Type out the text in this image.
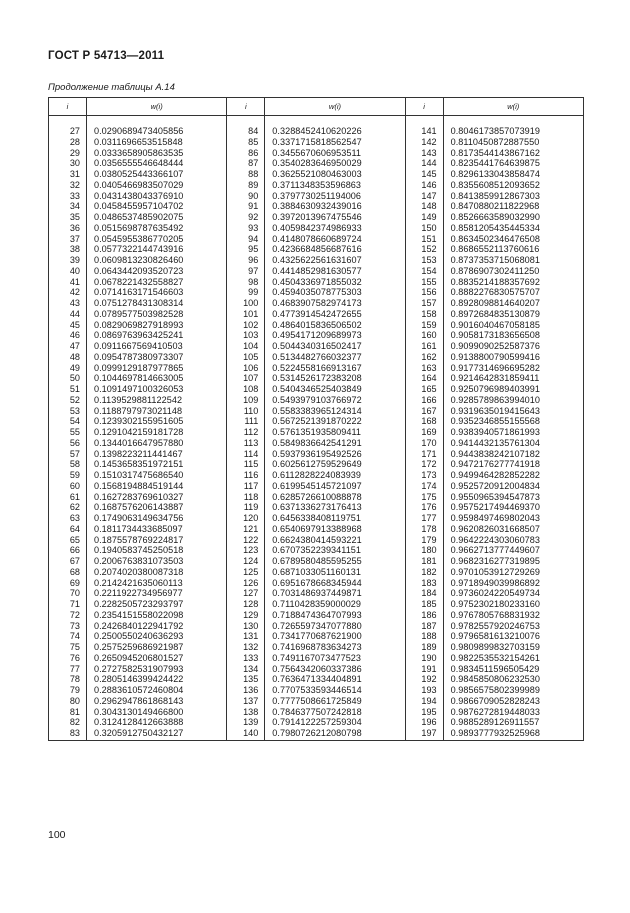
ГОСТ Р 54713—2011
Продолжение таблицы А.14
i	w(i)	i	w(i)	i	w(i)

27	0.0290689473405856	84	0.3288452410620226	141	0.8046173857073919
28	0.0311696653515848	85	0.3371715818562547	142	0.8110450872887550
29	0.0333658905863535	86	0.3455670606953511	143	0.8173544143867162
30	0.0356555546648444	87	0.3540283646950029	144	0.8235441764639875
31	0.0380525443366107	88	0.3625521080463003	145	0.8296133043858474
32	0.0405466983507029	89	0.3711348353596863	146	0.8355608512093652
33	0.0431438043376910	90	0.3797730251194006	147	0.8413859912867303
34	0.0458455957104702	91	0.3884630932439016	148	0.8470880211822968
35	0.0486537485902075	92	0.3972013967475546	149	0.8526663589032990
36	0.0515698787635492	93	0.4059842374986933	150	0.8581205435445334
37	0.0545955386770205	94	0.4148078660689724	151	0.8634502346476508
38	0.0577322144743916	95	0.4236684856687616	152	0.8686552113760616
39	0.0609813230826460	96	0.4325622561631607	153	0.8737353715068081
40	0.0643442093520723	97	0.4414852981630577	154	0.8786907302411250
41	0.0678221432558827	98	0.4504336971855032	155	0.8835214188357692
42	0.0714163171546603	99	0.4594035078775303	156	0.8882276830575707
43	0.0751278431308314	100	0.4683907582974173	157	0.8928098814640207
44	0.0789577503982528	101	0.4773914542472655	158	0.8972684835130879
45	0.0829069827918993	102	0.4864015836506502	159	0.9016040467058185
46	0.0869763963425241	103	0.4954171209689973	160	0.9058173183656508
47	0.0911667569410503	104	0.5044340316502417	161	0.9099090252587376
48	0.0954787380973307	105	0.5134482766032377	162	0.9138800790599416
49	0.0999129187977865	106	0.5224558166913167	163	0.9177314696695282
50	0.1044697814663005	107	0.5314526172383208	164	0.9214642831859411
51	0.1091497100326053	108	0.5404346525403849	165	0.9250796989403991
52	0.1139529881122542	109	0.5493979103766972	166	0.9285789863994010
53	0.1188797973021148	110	0.5583383965124314	167	0.9319635019415643
54	0.1239302155951605	111	0.5672521391870222	168	0.9352346855155568
55	0.1291042159181728	112	0.5761351935809411	169	0.9383940571861993
56	0.1344016647957880	113	0.5849836642541291	170	0.9414432135761304
57	0.1398223211441467	114	0.5937936195492526	171	0.9443838242107182
58	0.1453658351972151	115	0.6025612759529649	172	0.9472176277741918
59	0.1510317475686540	116	0.6112828224083939	173	0.9499464282852282
60	0.1568194884519144	117	0.6199545145721097	174	0.9525720912004834
61	0.1627283769610327	118	0.6285726610088878	175	0.9550965394547873
62	0.1687576206143887	119	0.6371336273176413	176	0.9575217494469370
63	0.1749063149634756	120	0.6456338408119751	177	0.9598497469802043
64	0.1811734433685097	121	0.6540697913388968	178	0.9620826031668507
65	0.1875578769224817	122	0.6624380414593221	179	0.9642224303060783
66	0.1940583745250518	123	0.6707352239341151	180	0.9662713777449607
67	0.2006763831073503	124	0.6789580485595255	181	0.9682316277319895
68	0.2074020380087318	125	0.6871033051160131	182	0.9701053912729269
69	0.2142421635060113	126	0.6951678668345944	183	0.9718949039986892
70	0.2211922734956977	127	0.7031486937449871	184	0.9736024220549734
71	0.2282505723293797	128	0.7110428359000029	185	0.9752302180233160
72	0.2354151558022098	129	0.7188474364707993	186	0.9767805768831932
73	0.2426840122941792	130	0.7265597347077880	187	0.9782557920246753
74	0.2500550240636293	131	0.7341770687621900	188	0.9796581613210076
75	0.2575259686921987	132	0.7416968783634273	189	0.9809899832703159
76	0.2650945206801527	133	0.7491167073477523	190	0.9822535532154261
77	0.2727582531907993	134	0.7564342060337386	191	0.9834511596505429
78	0.2805146399424422	135	0.7636471334404891	192	0.9845850806232530
79	0.2883610572460804	136	0.7707533593446514	193	0.9856575802399989
80	0.2962947861868143	137	0.7777508661725849	194	0.9866709052828243
81	0.3043130149466800	138	0.7846377507242818	195	0.9876272819448033
82	0.3124128412663888	139	0.7914122257259304	196	0.9885289126911557
83	0.3205912750432127	140	0.7980726212080798	197	0.9893777932525968
100
